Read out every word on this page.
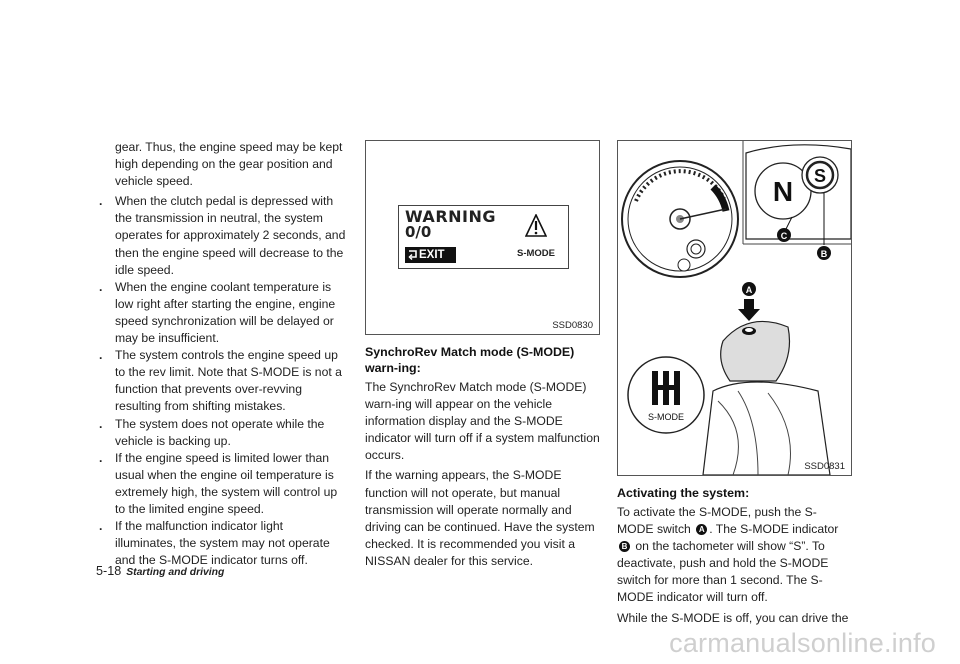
gear. Thus, the engine speed may be kept high depending on the gear position and vehicle speed.

. When the clutch pedal is depressed with the transmission in neutral, the system operates for approximately 2 seconds, and then the engine speed will decrease to the idle speed.
. When the engine coolant temperature is low right after starting the engine, engine speed synchronization will be delayed or may be insufficient.
. The system controls the engine speed up to the rev limit. Note that S-MODE is not a function that prevents over-revving resulting from shifting mistakes.
. The system does not operate while the vehicle is backing up.
. If the engine speed is limited lower than usual when the engine oil temperature is extremely high, the system will control up to the limited engine speed.
. If the malfunction indicator light illuminates, the system may not operate and the S-MODE indicator turns off.
WARNING
0/0
EXIT	S-MODE
SSD0830
SynchroRev Match mode (S-MODE) warn-ing:

The SynchroRev Match mode (S-MODE) warn-ing will appear on the vehicle information display and the S-MODE indicator will turn off if a system malfunction occurs.

If the warning appears, the S-MODE function will not operate, but manual transmission will operate normally and driving can be continued. Have the system checked. It is recommended you visit a NISSAN dealer for this service.

N S
C
B
A
S-MODE
SSD0831
Activating the system:

To activate the S-MODE, push the S-MODE switch A . The S-MODE indicator B on the tachometer will show “S”. To deactivate, push and hold the S-MODE switch for more than 1 second. The S-MODE indicator will turn off.

While the S-MODE is off, you can drive the

5-18 Starting and driving
carmanualsonline.info
